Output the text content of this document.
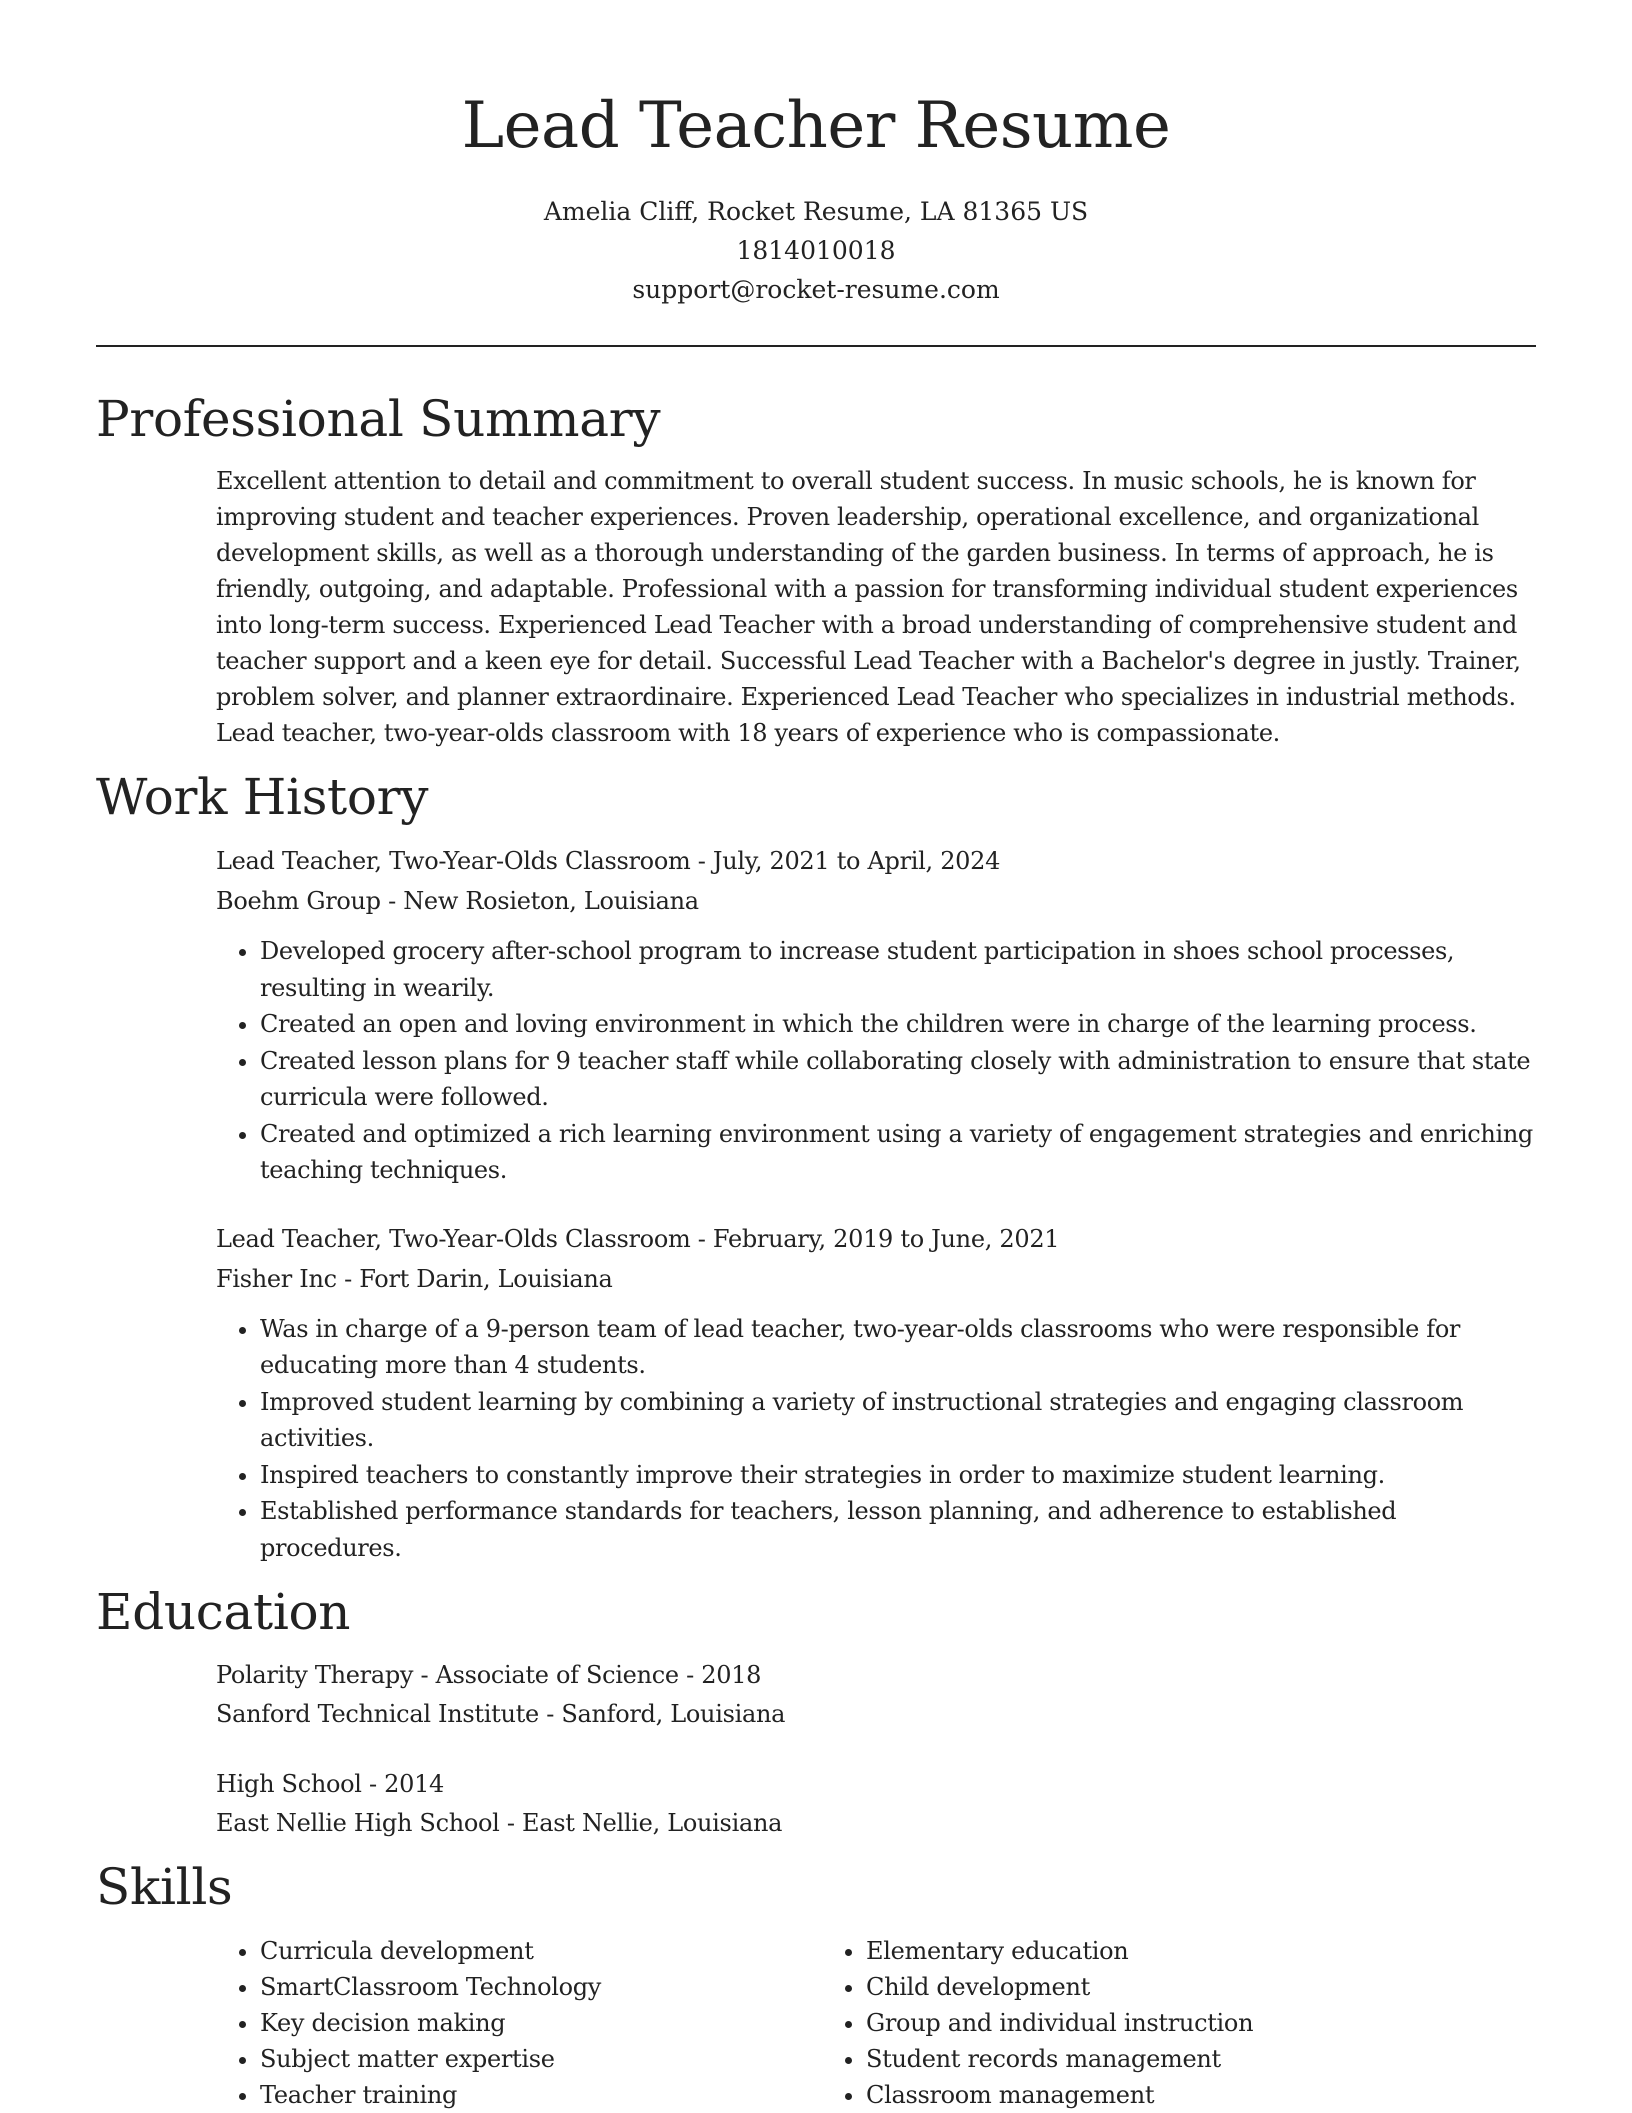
Lead Teacher Resume
Amelia Cliff, Rocket Resume, LA 81365 US
1814010018
support@rocket-resume.com
Professional Summary

Excellent attention to detail and commitment to overall student success. In music schools, he is known for improving student and teacher experiences. Proven leadership, operational excellence, and organizational development skills, as well as a thorough understanding of the garden business. In terms of approach, he is friendly, outgoing, and adaptable. Professional with a passion for transforming individual student experiences into long-term success. Experienced Lead Teacher with a broad understanding of comprehensive student and teacher support and a keen eye for detail. Successful Lead Teacher with a Bachelor's degree in justly. Trainer, problem solver, and planner extraordinaire. Experienced Lead Teacher who specializes in industrial methods. Lead teacher, two-year-olds classroom with 18 years of experience who is compassionate.

Work History
Lead Teacher, Two-Year-Olds Classroom - July, 2021 to April, 2024
Boehm Group - New Rosieton, Louisiana
• Developed grocery after-school program to increase student participation in shoes school processes, resulting in wearily.
• Created an open and loving environment in which the children were in charge of the learning process.
• Created lesson plans for 9 teacher staff while collaborating closely with administration to ensure that state curricula were followed.
• Created and optimized a rich learning environment using a variety of engagement strategies and enriching teaching techniques.
Lead Teacher, Two-Year-Olds Classroom - February, 2019 to June, 2021
Fisher Inc - Fort Darin, Louisiana
• Was in charge of a 9-person team of lead teacher, two-year-olds classrooms who were responsible for educating more than 4 students.
• Improved student learning by combining a variety of instructional strategies and engaging classroom activities.
• Inspired teachers to constantly improve their strategies in order to maximize student learning.
• Established performance standards for teachers, lesson planning, and adherence to established procedures.
Education
Polarity Therapy - Associate of Science - 2018
Sanford Technical Institute - Sanford, Louisiana
High School - 2014
East Nellie High School - East Nellie, Louisiana
Skills
• Curricula development
• SmartClassroom Technology
• Key decision making
• Subject matter expertise
• Teacher training
• Elementary education
• Child development
• Group and individual instruction
• Student records management
• Classroom management
